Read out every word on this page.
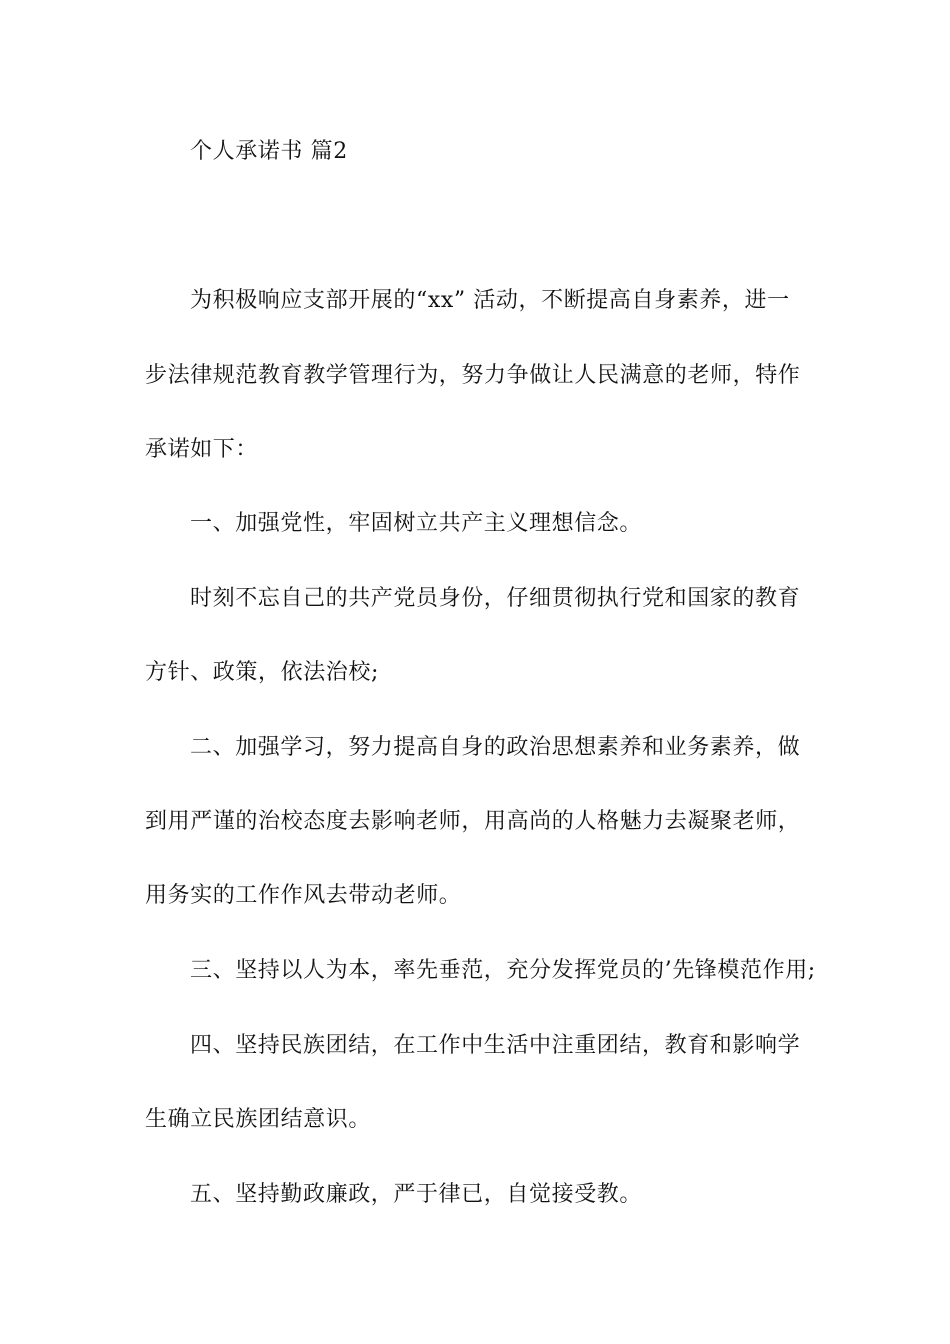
个人承诺书 篇2
为积极响应支部开展的“xx” 活动，不断提高自身素养，进一
步法律规范教育教学管理行为，努力争做让人民满意的老师，特作
承诺如下：
一、加强党性，牢固树立共产主义理想信念。
时刻不忘自己的共产党员身份，仔细贯彻执行党和国家的教育
方针、政策，依法治校;
二、加强学习，努力提高自身的政治思想素养和业务素养，做
到用严谨的治校态度去影响老师，用高尚的人格魅力去凝聚老师，
用务实的工作作风去带动老师。
三、坚持以人为本，率先垂范，充分发挥党员的’先锋模范作用;
四、坚持民族团结，在工作中生活中注重团结，教育和影响学
生确立民族团结意识。
五、坚持勤政廉政，严于律已，自觉接受教。
